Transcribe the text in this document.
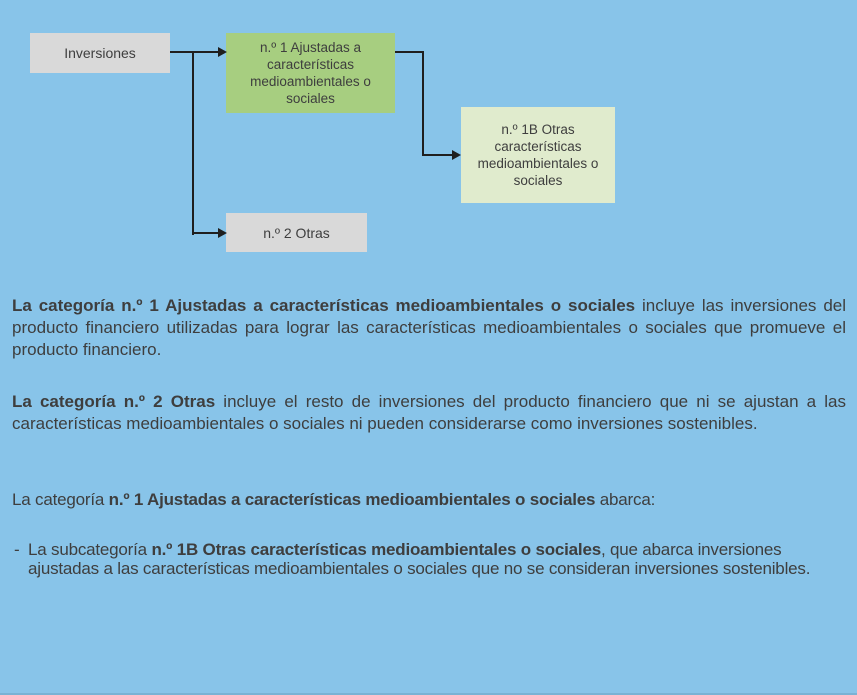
Inversiones	n.º 1 Ajustadas a características medioambientales o sociales
n.º 1B Otras características medioambientales o sociales
n.º 2 Otras

La categoría n.º 1 Ajustadas a características medioambientales o sociales incluye las inversiones del producto financiero utilizadas para lograr las características medioambientales o sociales que promueve el producto financiero.

La categoría n.º 2 Otras incluye el resto de inversiones del producto financiero que ni se ajustan a las características medioambientales o sociales ni pueden considerarse como inversiones sostenibles.

La categoría n.º 1 Ajustadas a características medioambientales o sociales abarca:

- La subcategoría n.º 1B Otras características medioambientales o sociales, que abarca inversiones ajustadas a las características medioambientales o sociales que no se consideran inversiones sostenibles.
